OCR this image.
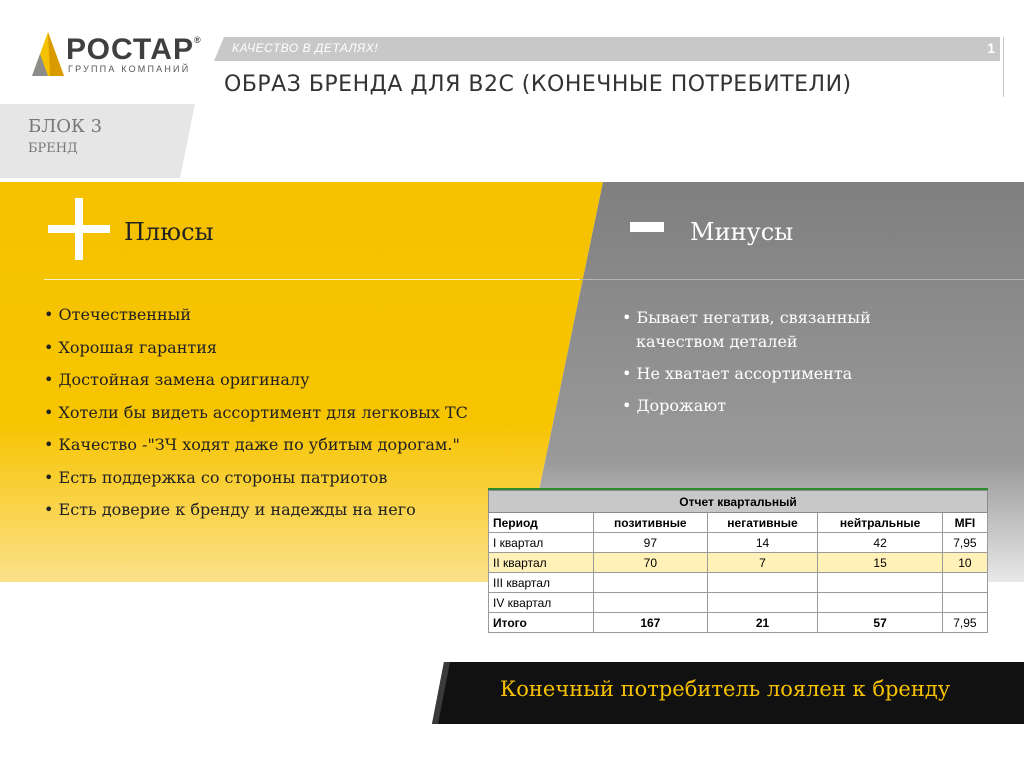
РОСТАР®
ГРУППА КОМПАНИЙ
КАЧЕСТВО В ДЕТАЛЯХ!	1
ОБРАЗ БРЕНДА ДЛЯ B2C (КОНЕЧНЫЕ ПОТРЕБИТЕЛИ)
БЛОК 3
БРЕНД
Плюсы
• Отечественный
• Хорошая гарантия
• Достойная замена оригиналу
• Хотели бы видеть ассортимент для легковых ТС
• Качество -"ЗЧ ходят даже по убитым дорогам."
• Есть поддержка со стороны патриотов
• Есть доверие к бренду и надежды на него
Минусы
• Бывает негатив, связанный
качеством деталей
• Не хватает ассортимента
• Дорожают
Отчет квартальный				
Период	позитивные	негативные	нейтральные	MFI
I квартал	97	14	42	7,95
II квартал	70	7	15	10
III квартал				
IV квартал				
Итого	167	21	57	7,95
Конечный потребитель лоялен к бренду
